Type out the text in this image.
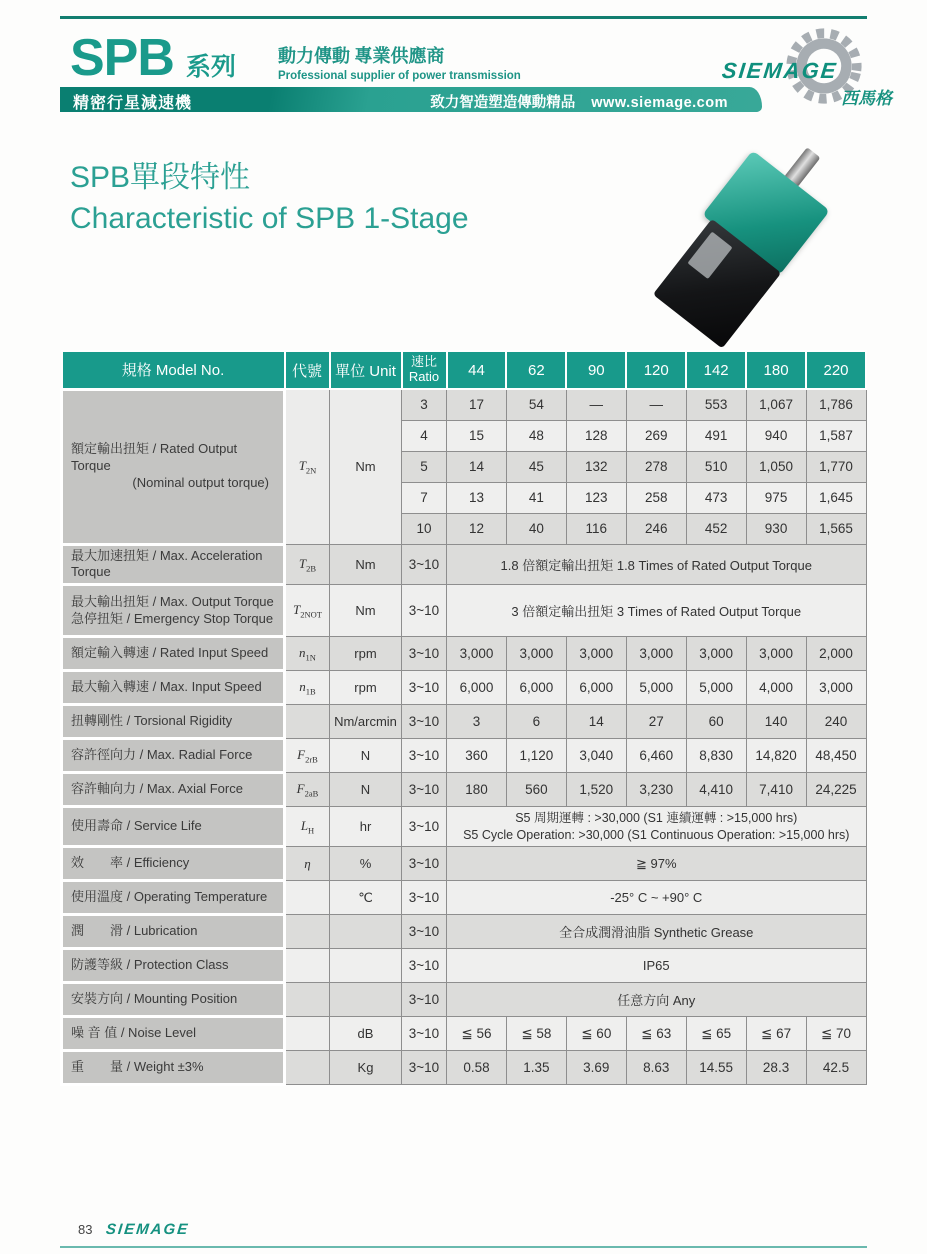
SPB 系列 動力傳動 專業供應商
Professional supplier of power transmission
精密行星減速機	致力智造塑造傳動精品 www.siemage.com
SIEMAGE
西馬格
SPB單段特性
Characteristic of SPB 1-Stage
規格 Model No.	代號	單位 Unit	速比
Ratio	44	62	90	120	142	180	220

額定輸出扭矩 / Rated Output Torque
(Nominal output torque)	$T_{2N}$	Nm	3	17	54	—	—	553	1,067	1,786
			4	15	48	128	269	491	940	1,587
			5	14	45	132	278	510	1,050	1,770
			7	13	41	123	258	473	975	1,645
			10	12	40	116	246	452	930	1,565

最大加速扭矩 / Max. Acceleration Torque	$T_{2B}$	Nm	3~10	1.8 倍額定輸出扭矩 1.8 Times of Rated Output Torque						

最大輸出扭矩 / Max. Output Torque
急停扭矩 / Emergency Stop Torque	$T_{2NOT}$	Nm	3~10	3 倍額定輸出扭矩 3 Times of Rated Output Torque						

額定輸入轉速 / Rated Input Speed	$n_{1N}$	rpm	3~10	3,000	3,000	3,000	3,000	3,000	3,000	2,000

最大輸入轉速 / Max. Input Speed	$n_{1B}$	rpm	3~10	6,000	6,000	6,000	5,000	5,000	4,000	3,000

扭轉剛性 / Torsional Rigidity		Nm/arcmin	3~10	3	6	14	27	60	140	240

容許徑向力 / Max. Radial Force	$F_{2rB}$	N	3~10	360	1,120	3,040	6,460	8,830	14,820	48,450

容許軸向力 / Max. Axial Force	$F_{2aB}$	N	3~10	180	560	1,520	3,230	4,410	7,410	24,225

使用壽命 / Service Life	$L_H$	hr	3~10	S5 周期運轉 : >30,000 (S1 連續運轉 : >15,000 hrs)
S5 Cycle Operation: >30,000 (S1 Continuous Operation: >15,000 hrs)						

效　　率 / Efficiency	η	%	3~10	≧ 97%						

使用溫度 / Operating Temperature		℃	3~10	-25° C ~ +90° C						

潤　　滑 / Lubrication			3~10	全合成潤滑油脂 Synthetic Grease						

防護等級 / Protection Class			3~10	IP65						

安裝方向 / Mounting Position			3~10	任意方向 Any						

噪 音 值 / Noise Level		dB	3~10	≦ 56	≦ 58	≦ 60	≦ 63	≦ 65	≦ 67	≦ 70

重　　量 / Weight ±3%		Kg	3~10	0.58	1.35	3.69	8.63	14.55	28.3	42.5
83 SIEMAGE
